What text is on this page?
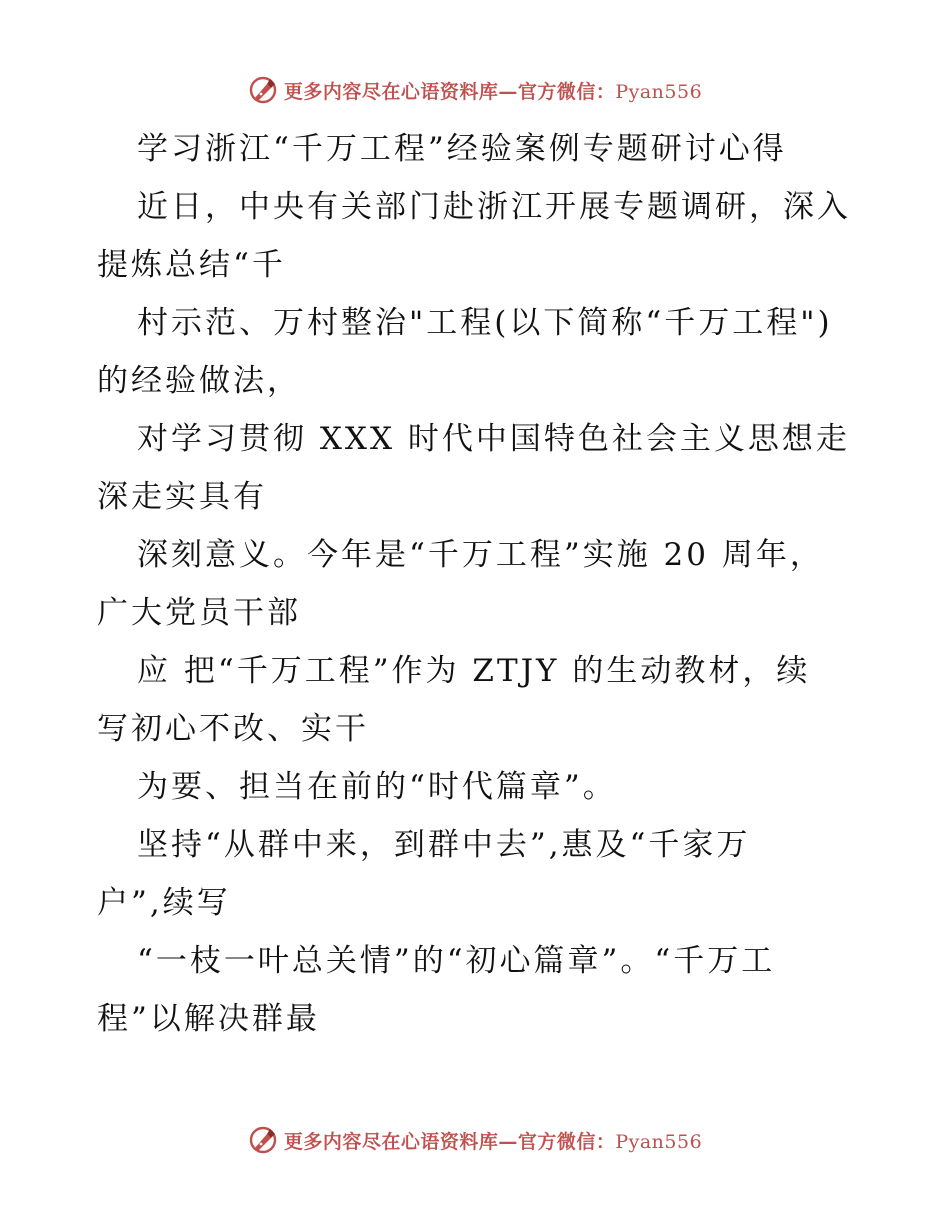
更多内容尽在心语资料库—官方微信：Pyan556
学习浙江“千万工程”经验案例专题研讨心得
近日，中央有关部门赴浙江开展专题调研，深入
提炼总结“千
村示范、万村整治"工程(以下简称“千万工程")
的经验做法，
对学习贯彻 XXX 时代中国特色社会主义思想走
深走实具有
深刻意义。今年是“千万工程”实施 20 周年，
广大党员干部
应 把“千万工程”作为 ZTJY 的生动教材，续
写初心不改、实干
为要、担当在前的“时代篇章”。
坚持“从群中来，到群中去”,惠及“千家万
户”,续写
“一枝一叶总关情”的“初心篇章”。“千万工
程”以解决群最
更多内容尽在心语资料库—官方微信：Pyan556
